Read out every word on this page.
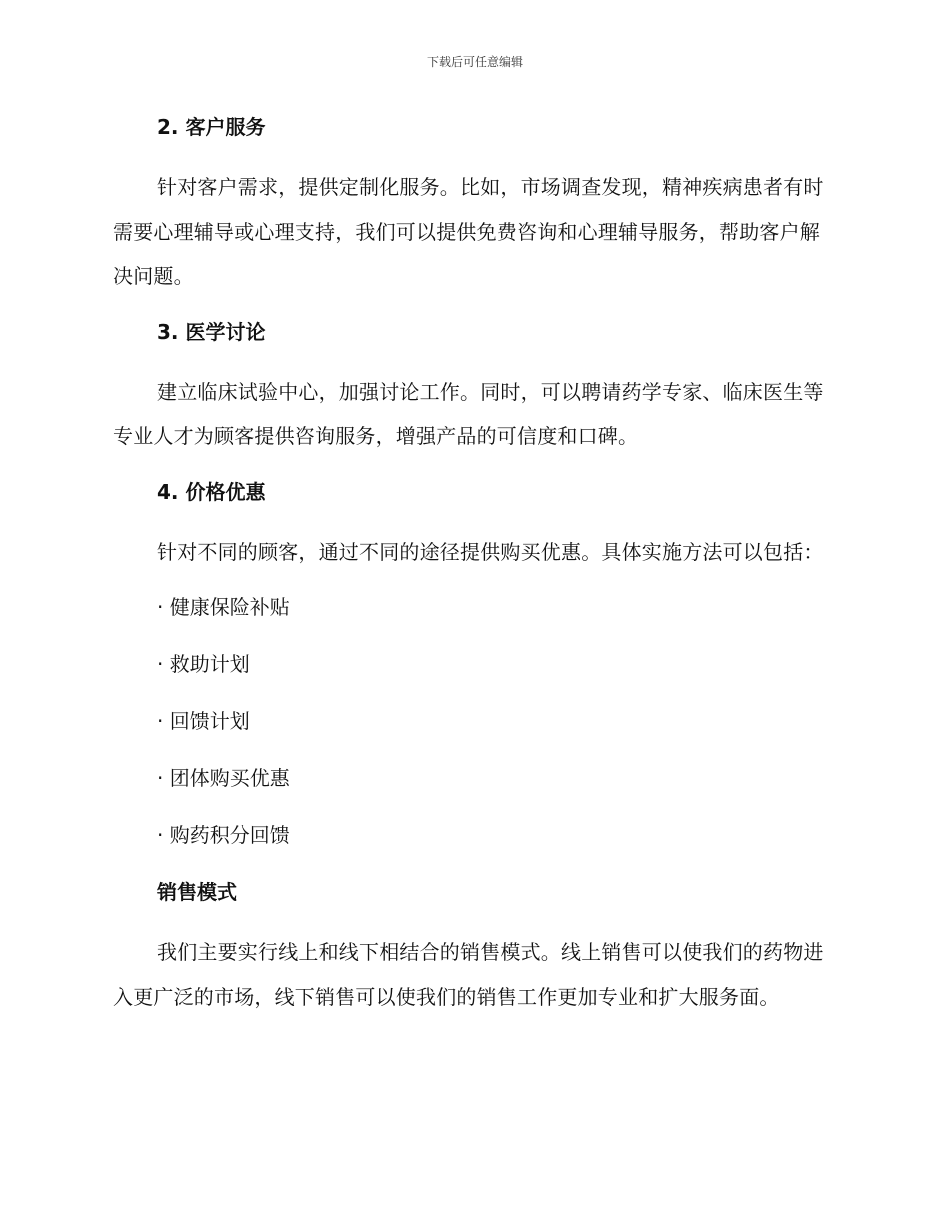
下载后可任意编辑
2. 客户服务

针对客户需求，提供定制化服务。比如，市场调查发现，精神疾病患者有时需要心理辅导或心理支持，我们可以提供免费咨询和心理辅导服务，帮助客户解决问题。

3. 医学讨论

建立临床试验中心，加强讨论工作。同时，可以聘请药学专家、临床医生等专业人才为顾客提供咨询服务，增强产品的可信度和口碑。

4. 价格优惠

针对不同的顾客，通过不同的途径提供购买优惠。具体实施方法可以包括：

· 健康保险补贴
· 救助计划
· 回馈计划
· 团体购买优惠
· 购药积分回馈
销售模式

我们主要实行线上和线下相结合的销售模式。线上销售可以使我们的药物进入更广泛的市场，线下销售可以使我们的销售工作更加专业和扩大服务面。
